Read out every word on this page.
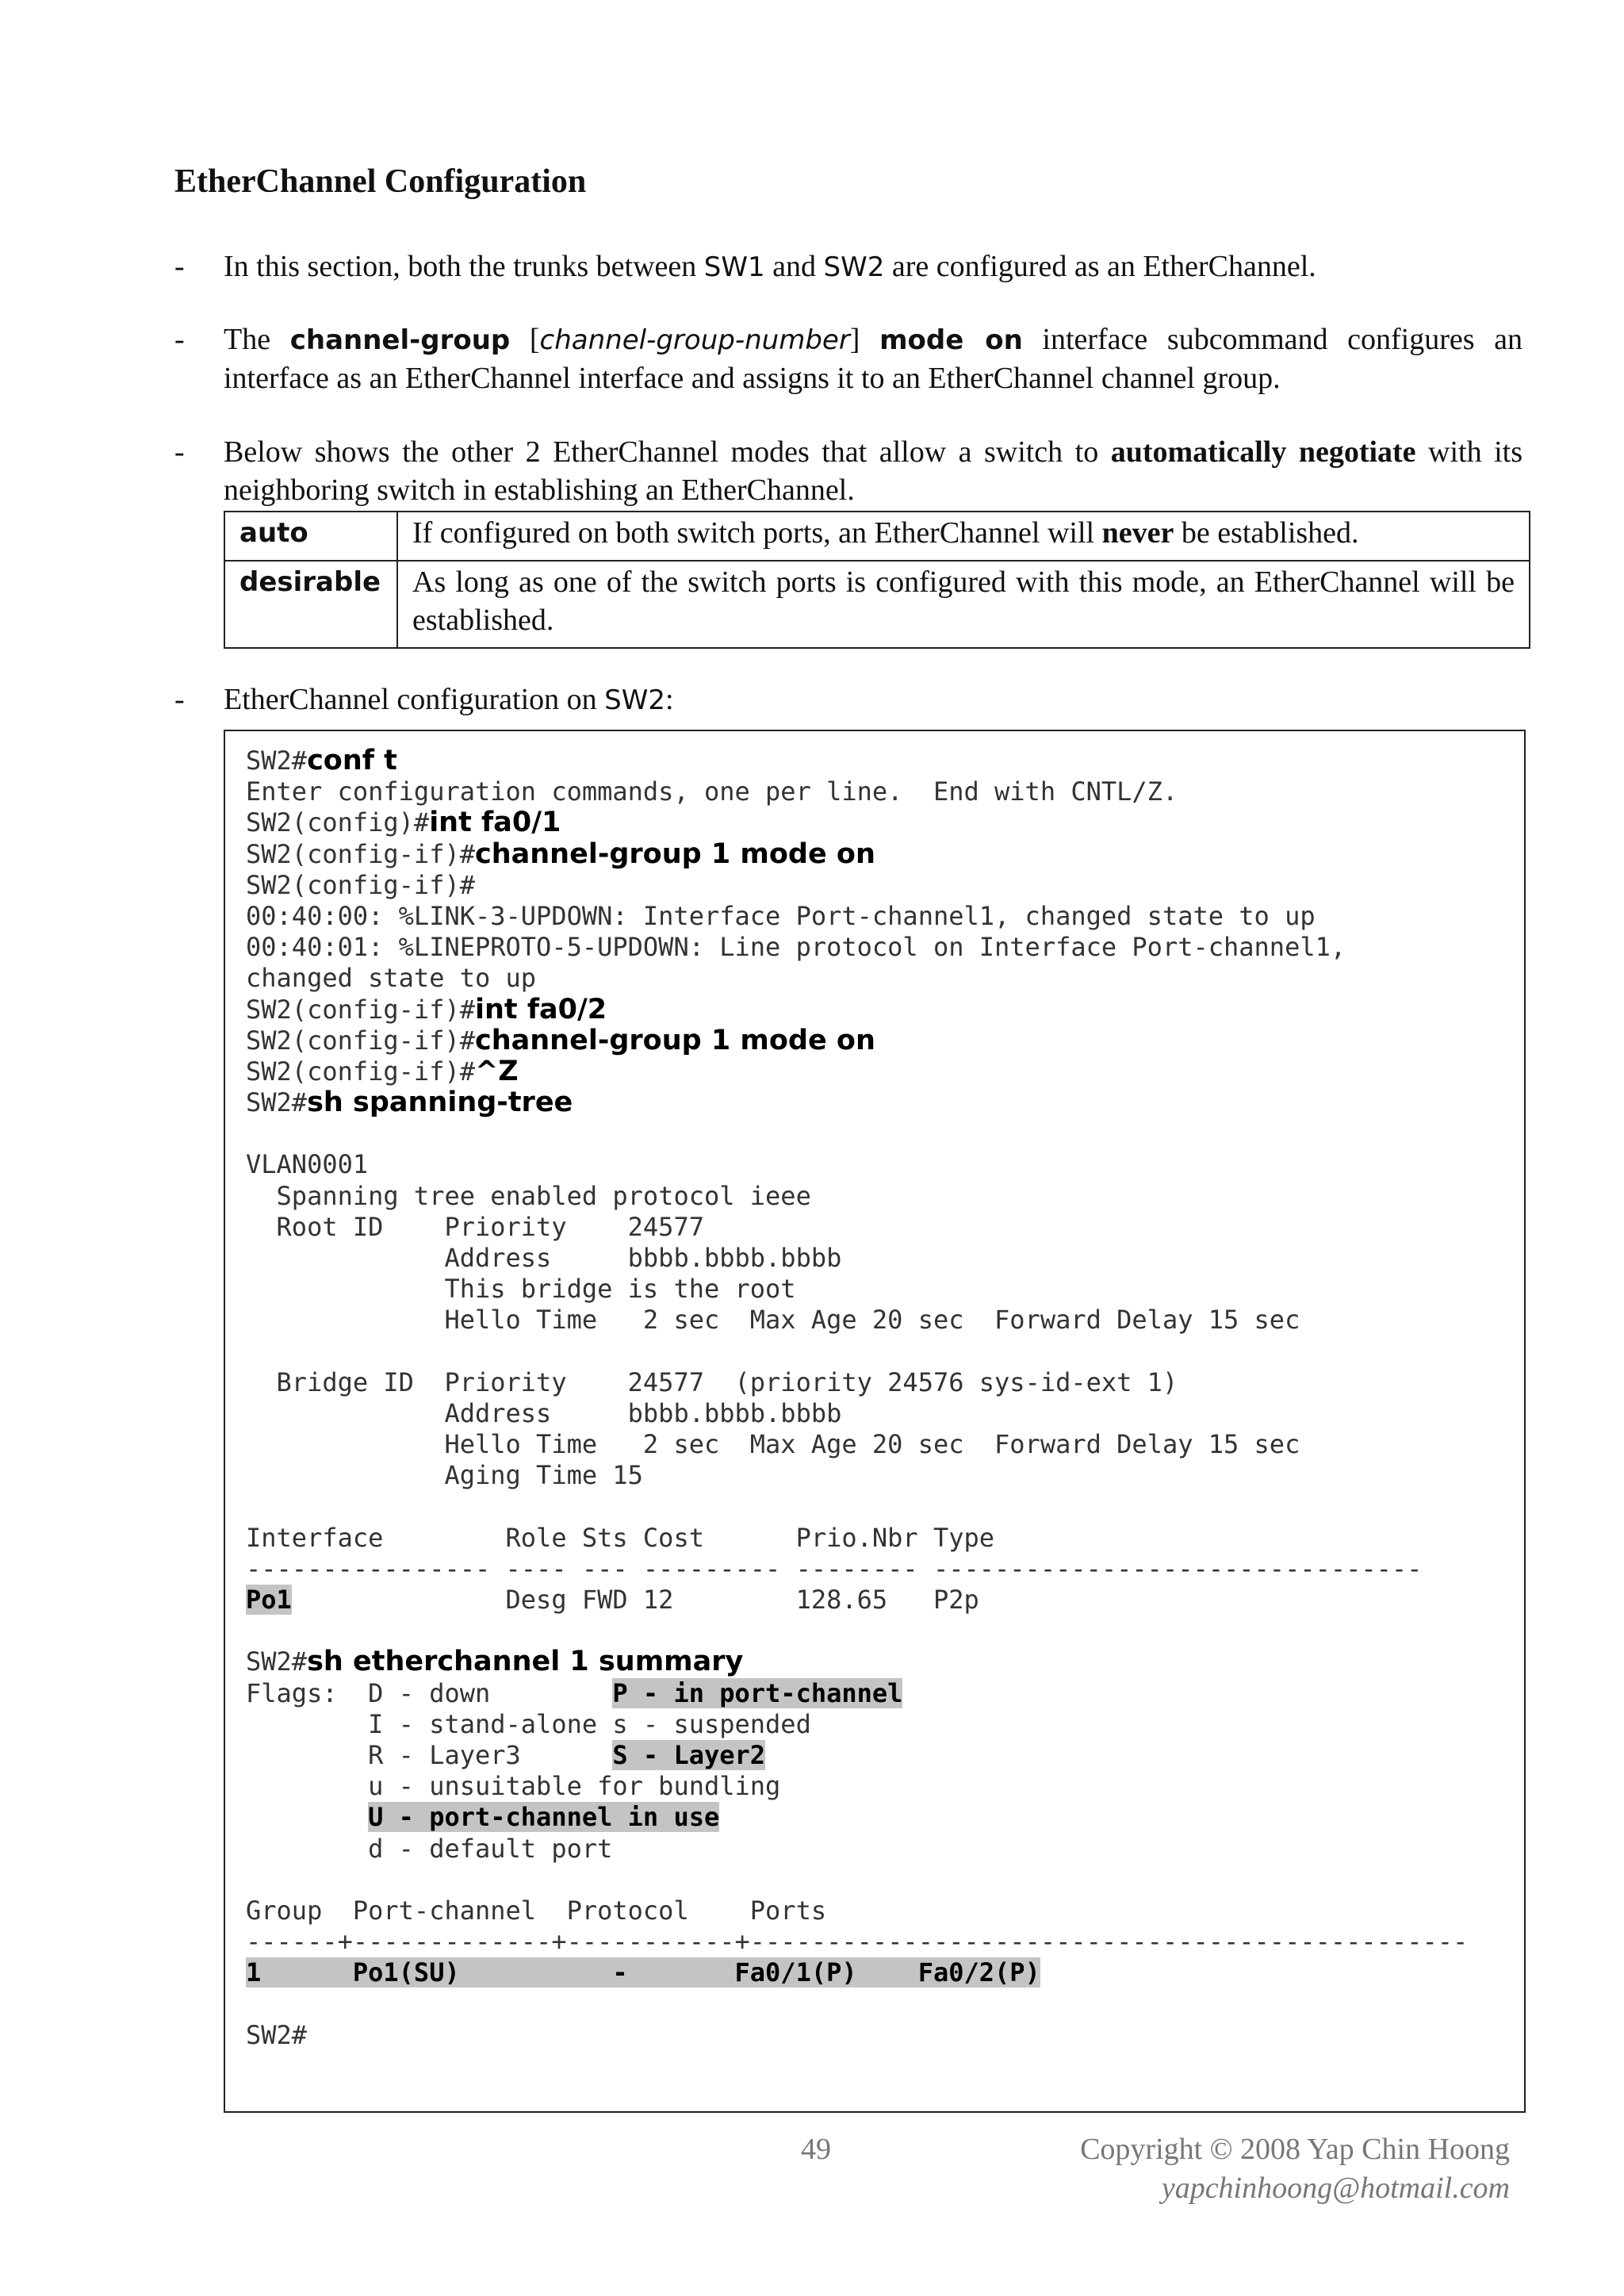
EtherChannel Configuration
- In this section, both the trunks between SW1 and SW2 are configured as an EtherChannel.
- The channel-group [channel-group-number] mode on interface subcommand configures an interface as an EtherChannel interface and assigns it to an EtherChannel channel group.
- Below shows the other 2 EtherChannel modes that allow a switch to automatically negotiate with its neighboring switch in establishing an EtherChannel.
auto	If configured on both switch ports, an EtherChannel will never be established.
desirable	As long as one of the switch ports is configured with this mode, an EtherChannel will be established.
- EtherChannel configuration on SW2:
SW2#conf t
Enter configuration commands, one per line.  End with CNTL/Z.
SW2(config)#int fa0/1
SW2(config-if)#channel-group 1 mode on
SW2(config-if)#
00:40:00: %LINK-3-UPDOWN: Interface Port-channel1, changed state to up
00:40:01: %LINEPROTO-5-UPDOWN: Line protocol on Interface Port-channel1,
changed state to up
SW2(config-if)#int fa0/2
SW2(config-if)#channel-group 1 mode on
SW2(config-if)#^Z
SW2#sh spanning-tree
VLAN0001
Spanning tree enabled protocol ieee
Root ID    Priority    24577
Address     bbbb.bbbb.bbbb
This bridge is the root
Hello Time   2 sec  Max Age 20 sec  Forward Delay 15 sec
Bridge ID  Priority    24577  (priority 24576 sys-id-ext 1)
Address     bbbb.bbbb.bbbb
Hello Time   2 sec  Max Age 20 sec  Forward Delay 15 sec
Aging Time 15
Interface        Role Sts Cost      Prio.Nbr Type
---------------- ---- --- --------- -------- --------------------------------
Po1              Desg FWD 12        128.65   P2p
SW2#sh etherchannel 1 summary
Flags:  D - down        P - in port-channel
I - stand-alone s - suspended
R - Layer3      S - Layer2
u - unsuitable for bundling
U - port-channel in use
d - default port
Group  Port-channel  Protocol    Ports
------+-------------+-----------+-----------------------------------------------
1      Po1(SU)          -       Fa0/1(P)    Fa0/2(P)
SW2#
49	Copyright © 2008 Yap Chin Hoong
yapchinhoong@hotmail.com
